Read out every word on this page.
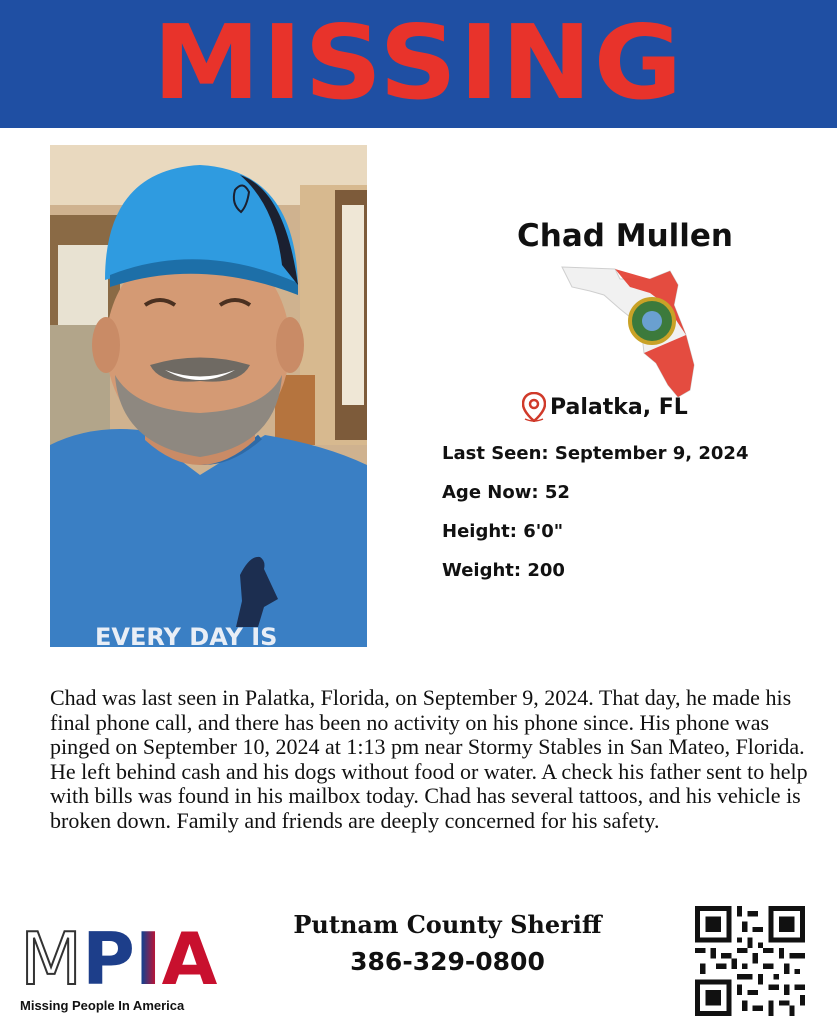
MISSING
EVERY DAY IS
Chad Mullen
Palatka, FL
Last Seen: September 9, 2024
Age Now: 52
Height: 6'0"
Weight: 200

Chad was last seen in Palatka, Florida, on September 9, 2024. That day, he made his final phone call, and there has been no activity on his phone since. His phone was pinged on September 10, 2024 at 1:13 pm near Stormy Stables in San Mateo, Florida. He left behind cash and his dogs without food or water. A check his father sent to help with bills was found in his mailbox today. Chad has several tattoos, and his vehicle is broken down. Family and friends are deeply concerned for his safety.

M PIA
Missing People In America
Putnam County Sheriff
386-329-0800
